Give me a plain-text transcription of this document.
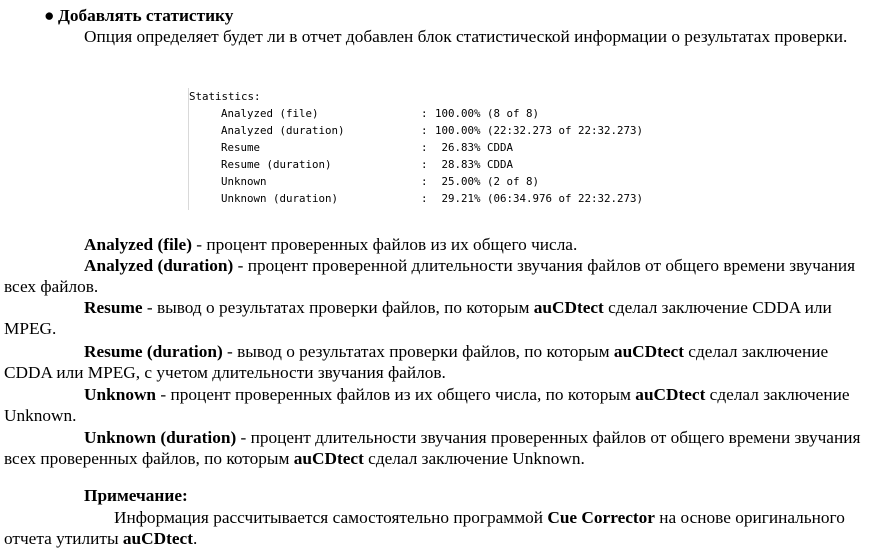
● Добавлять статистику

Опция определяет будет ли в отчет добавлен блок статистической информации о результатах проверки.

Statistics:
Analyzed (file)	: 100.00% (8 of 8)
Analyzed (duration)	: 100.00% (22:32.273 of 22:32.273)
Resume	: 26.83% CDDA
Resume (duration)	: 28.83% CDDA
Unknown	: 25.00% (2 of 8)
Unknown (duration)	: 29.21% (06:34.976 of 22:32.273)

Analyzed (file) - процент проверенных файлов из их общего числа.

Analyzed (duration) - процент проверенной длительности звучания файлов от общего времени звучания всех файлов.

Resume - вывод о результатах проверки файлов, по которым auCDtect сделал заключение CDDA или MPEG.

Resume (duration) - вывод о результатах проверки файлов, по которым auCDtect сделал заключение CDDA или MPEG, с учетом длительности звучания файлов.

Unknown - процент проверенных файлов из их общего числа, по которым auCDtect сделал заключение Unknown.

Unknown (duration) - процент длительности звучания проверенных файлов от общего времени звучания всех проверенных файлов, по которым auCDtect сделал заключение Unknown.

Примечание:

Информация рассчитывается самостоятельно программой Cue Corrector на основе оригинального отчета утилиты auCDtect.
